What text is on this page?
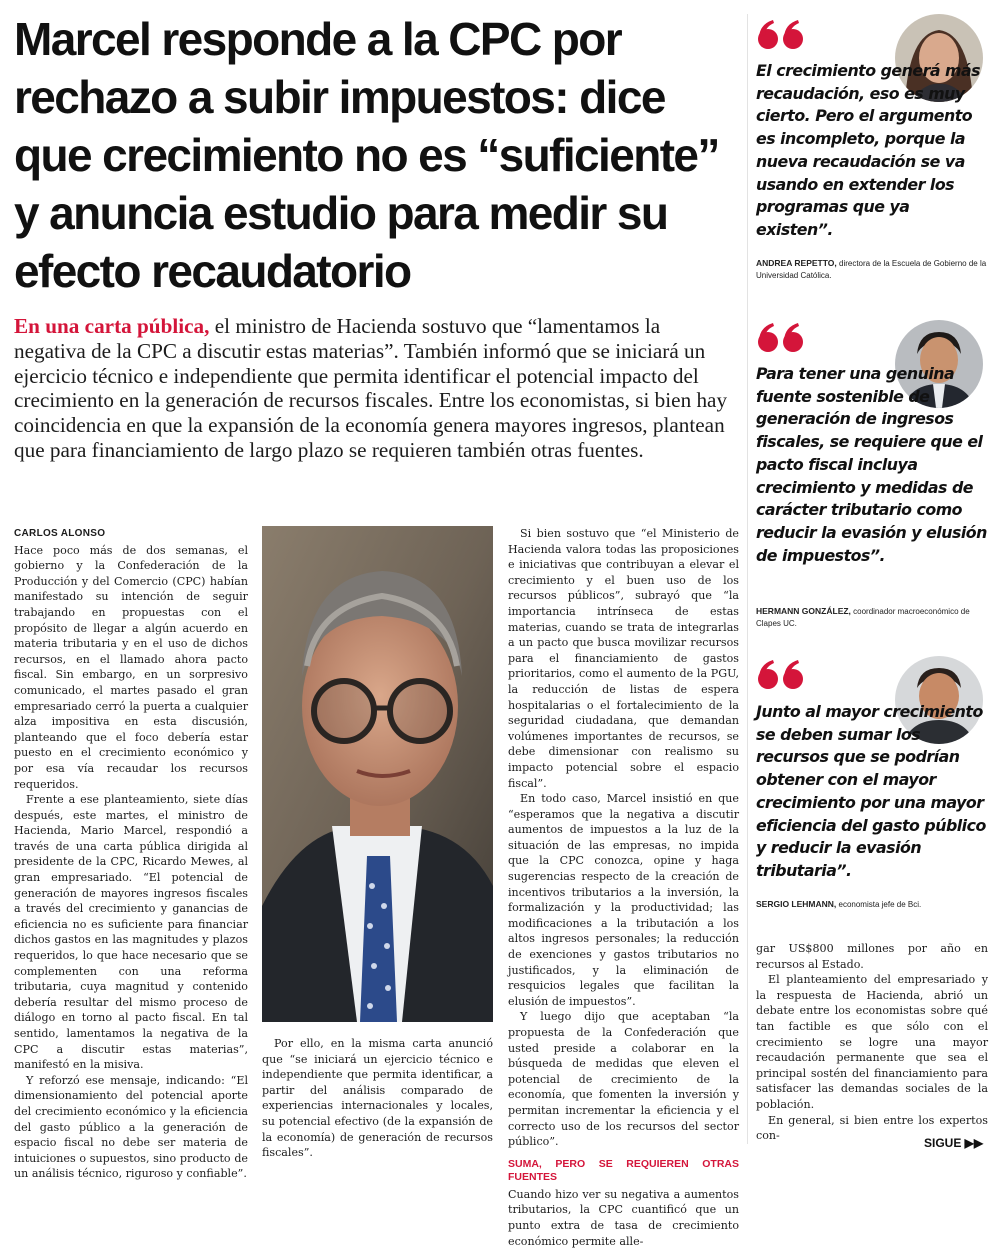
Marcel responde a la CPC por rechazo a subir impuestos: dice que crecimiento no es “suficiente” y anuncia estudio para medir su efecto recaudatorio

En una carta pública, el ministro de Hacienda sostuvo que “lamentamos la negativa de la CPC a discutir estas materias”. También informó que se iniciará un ejercicio técnico e independiente que permita identificar el potencial impacto del crecimiento en la generación de recursos fiscales. Entre los economistas, si bien hay coincidencia en que la expansión de la economía genera mayores ingresos, plantean que para financiamiento de largo plazo se requieren también otras fuentes.

CARLOS ALONSO

Hace poco más de dos semanas, el gobierno y la Confederación de la Producción y del Comercio (CPC) habían manifestado su intención de seguir trabajando en propuestas con el propósito de llegar a algún acuerdo en materia tributaria y en el uso de dichos recursos, en el llamado ahora pacto fiscal. Sin embargo, en un sorpresivo comunicado, el martes pasado el gran empresariado cerró la puerta a cualquier alza impositiva en esta discusión, planteando que el foco debería estar puesto en el crecimiento económico y por esa vía recaudar los recursos requeridos.

Frente a ese planteamiento, siete días después, este martes, el ministro de Hacienda, Mario Marcel, respondió a través de una carta pública dirigida al presidente de la CPC, Ricardo Mewes, al gran empresariado. “El potencial de generación de mayores ingresos fiscales a través del crecimiento y ganancias de eficiencia no es suficiente para financiar dichos gastos en las magnitudes y plazos requeridos, lo que hace necesario que se complementen con una reforma tributaria, cuya magnitud y contenido debería resultar del mismo proceso de diálogo en torno al pacto fiscal. En tal sentido, lamentamos la negativa de la CPC a discutir estas materias”, manifestó en la misiva.

Y reforzó ese mensaje, indicando: “El dimensionamiento del potencial aporte del crecimiento económico y la eficiencia del gasto público a la generación de espacio fiscal no debe ser materia de intuiciones o supuestos, sino producto de un análisis técnico, riguroso y confiable”.

Por ello, en la misma carta anunció que “se iniciará un ejercicio técnico e independiente que permita identificar, a partir del análisis comparado de experiencias internacionales y locales, su potencial efectivo (de la expansión de la economía) de generación de recursos fiscales”.

Si bien sostuvo que “el Ministerio de Hacienda valora todas las proposiciones e iniciativas que contribuyan a elevar el crecimiento y el buen uso de los recursos públicos”, subrayó que “la importancia intrínseca de estas materias, cuando se trata de integrarlas a un pacto que busca movilizar recursos para el financiamiento de gastos prioritarios, como el aumento de la PGU, la reducción de listas de espera hospitalarias o el fortalecimiento de la seguridad ciudadana, que demandan volúmenes importantes de recursos, se debe dimensionar con realismo su impacto potencial sobre el espacio fiscal”.

En todo caso, Marcel insistió en que “esperamos que la negativa a discutir aumentos de impuestos a la luz de la situación de las empresas, no impida que la CPC conozca, opine y haga sugerencias respecto de la creación de incentivos tributarios a la inversión, la formalización y la productividad; las modificaciones a la tributación a los altos ingresos personales; la reducción de exenciones y gastos tributarios no justificados, y la eliminación de resquicios legales que facilitan la elusión de impuestos”.

Y luego dijo que aceptaban “la propuesta de la Confederación que usted preside a colaborar en la búsqueda de medidas que eleven el potencial de crecimiento de la economía, que fomenten la inversión y permitan incrementar la eficiencia y el correcto uso de los recursos del sector público”.

SUMA, PERO SE REQUIEREN OTRAS FUENTES

Cuando hizo ver su negativa a aumentos tributarios, la CPC cuantificó que un punto extra de tasa de crecimiento económico permite alle-

gar US$800 millones por año en recursos al Estado.

El planteamiento del empresariado y la respuesta de Hacienda, abrió un debate entre los economistas sobre qué tan factible es que sólo con el crecimiento se logre una mayor recaudación permanente que sea el principal sostén del financiamiento para satisfacer las demandas sociales de la población.

En general, si bien entre los expertos con-

SIGUE ▶▶

El crecimiento generá más recaudación, eso es muy cierto. Pero el argumento es incompleto, porque la nueva recaudación se va usando en extender los programas que ya existen”.

ANDREA REPETTO, directora de la Escuela de Gobierno de la Universidad Católica.

Para tener una genuina fuente sostenible de generación de ingresos fiscales, se requiere que el pacto fiscal incluya crecimiento y medidas de carácter tributario como reducir la evasión y elusión de impuestos”.

HERMANN GONZÁLEZ, coordinador macroeconómico de Clapes UC.

Junto al mayor crecimiento se deben sumar los recursos que se podrían obtener con el mayor crecimiento por una mayor eficiencia del gasto público y reducir la evasión tributaria”.

SERGIO LEHMANN, economista jefe de Bci.
